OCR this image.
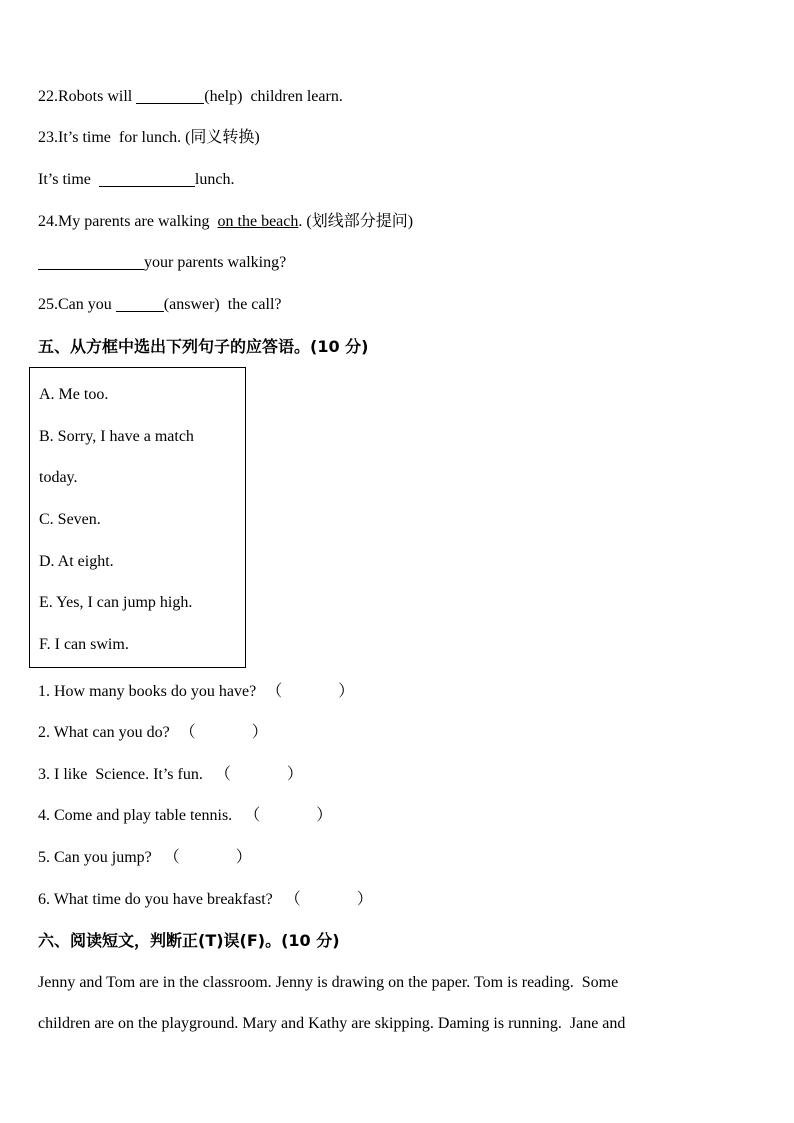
22.Robots will	(help)  children learn.
23.It’s time  for lunch. (同义转换)
It’s time	lunch.
24.My parents are walking  on the beach. (划线部分提问)
your parents walking?
25.Can you	(answer)  the call?
五、从方框中选出下列句子的应答语。(10 分)
A. Me too.
B. Sorry, I have a match
today.
C. Seven.
D. At eight.
E. Yes, I can jump high.
F. I can swim.
1. How many books do you have? （	）
2. What can you do? （	）
3. I like  Science. It’s fun. （	）
4. Come and play table tennis. （	）
5. Can you jump? （	）
6. What time do you have breakfast? （	）
六、阅读短文，判断正(T)误(F)。(10 分)
Jenny and Tom are in the classroom. Jenny is drawing on the paper. Tom is reading.  Some
children are on the playground. Mary and Kathy are skipping. Daming is running.  Jane and
